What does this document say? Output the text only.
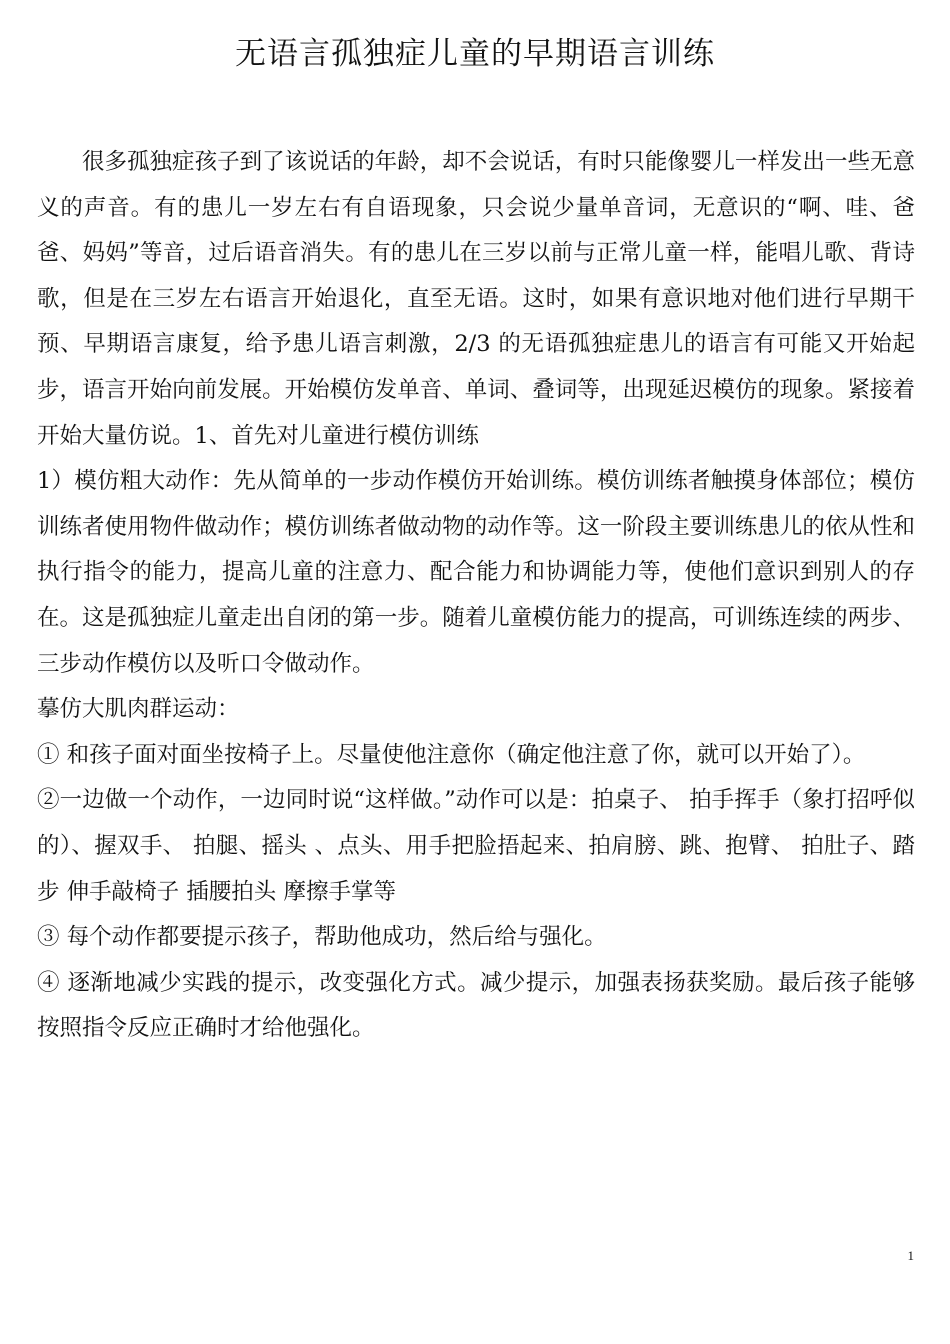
无语言孤独症儿童的早期语言训练

很多孤独症孩子到了该说话的年龄，却不会说话，有时只能像婴儿一样发出一些无意义的声音。有的患儿一岁左右有自语现象，只会说少量单音词，无意识的“啊、哇、爸爸、妈妈”等音，过后语音消失。有的患儿在三岁以前与正常儿童一样，能唱儿歌、背诗歌，但是在三岁左右语言开始退化，直至无语。这时，如果有意识地对他们进行早期干预、早期语言康复，给予患儿语言刺激，2/3 的无语孤独症患儿的语言有可能又开始起步，语言开始向前发展。开始模仿发单音、单词、叠词等，出现延迟模仿的现象。紧接着开始大量仿说。1、首先对儿童进行模仿训练

1）模仿粗大动作：先从简单的一步动作模仿开始训练。模仿训练者触摸身体部位；模仿训练者使用物件做动作；模仿训练者做动物的动作等。这一阶段主要训练患儿的依从性和执行指令的能力，提高儿童的注意力、配合能力和协调能力等，使他们意识到别人的存在。这是孤独症儿童走出自闭的第一步。随着儿童模仿能力的提高，可训练连续的两步、三步动作模仿以及听口令做动作。

摹仿大肌肉群运动：

① 和孩子面对面坐按椅子上。尽量使他注意你（确定他注意了你，就可以开始了）。

②一边做一个动作，一边同时说“这样做。”动作可以是：拍桌子、 拍手挥手（象打招呼似的）、握双手、 拍腿、摇头 、点头、用手把脸捂起来、拍肩膀、跳、抱臂、 拍肚子、踏步 伸手敲椅子 插腰拍头 摩擦手掌等

③ 每个动作都要提示孩子，帮助他成功，然后给与强化。

④ 逐渐地减少实践的提示，改变强化方式。减少提示，加强表扬获奖励。最后孩子能够按照指令反应正确时才给他强化。

1
